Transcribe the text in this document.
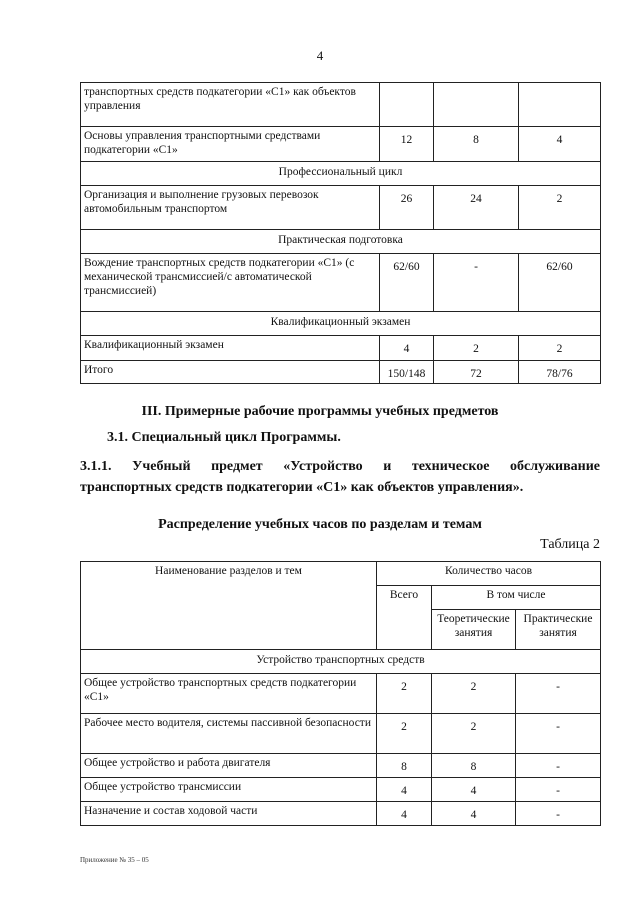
4
транспортных средств подкатегории «С1» как объектов управления			
Основы управления транспортными средствами подкатегории «С1»	12	8	4
Профессиональный цикл			
Организация и выполнение грузовых перевозок автомобильным транспортом	26	24	2
Практическая подготовка			
Вождение транспортных средств подкатегории «С1» (с механической трансмиссией/с автоматической трансмиссией)	62/60	-	62/60
Квалификационный экзамен			
Квалификационный экзамен	4	2	2
Итого	150/148	72	78/76
III. Примерные рабочие программы учебных предметов
3.1. Специальный цикл Программы.
3.1.1. Учебный предмет «Устройство и техническое обслуживание
транспортных средств подкатегории «С1» как объектов управления».
Распределение учебных часов по разделам и темам
Таблица 2
Наименование разделов и тем	Количество часов		
	Всего	В том числе	
		Теоретические занятия	Практические занятия
Устройство транспортных средств			
Общее устройство транспортных средств подкатегории «С1»	2	2	-
Рабочее место водителя, системы пассивной безопасности	2	2	-
Общее устройство и работа двигателя	8	8	-
Общее устройство трансмиссии	4	4	-
Назначение и состав ходовой части	4	4	-
Приложение № 35 – 05
